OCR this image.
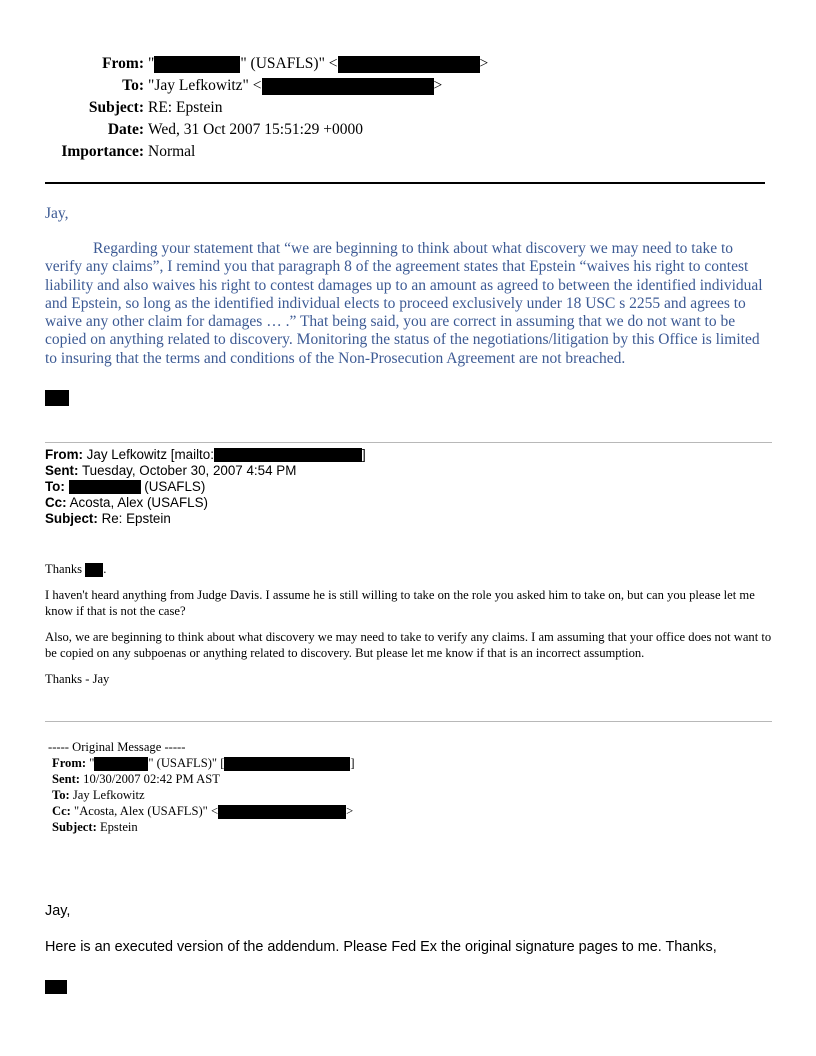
From: "	" (USAFLS)" <	>
To: "Jay Lefkowitz" <	>
Subject: RE: Epstein
Date: Wed, 31 Oct 2007 15:51:29 +0000
Importance: Normal
Jay,

Regarding your statement that “we are beginning to think about what discovery we may need to take to verify any claims”, I remind you that paragraph 8 of the agreement states that Epstein “waives his right to contest liability and also waives his right to contest damages up to an amount as agreed to between the identified individual and Epstein, so long as the identified individual elects to proceed exclusively under 18 USC s 2255 and agrees to waive any other claim for damages … .” That being said, you are correct in assuming that we do not want to be copied on anything related to discovery. Monitoring the status of the negotiations/litigation by this Office is limited to insuring that the terms and conditions of the Non-Prosecution Agreement are not breached.

From: Jay Lefkowitz [mailto:	]
Sent: Tuesday, October 30, 2007 4:54 PM
To:	(USAFLS)
Cc: Acosta, Alex (USAFLS)
Subject: Re: Epstein

Thanks .

I haven't heard anything from Judge Davis. I assume he is still willing to take on the role you asked him to take on, but can you please let me know if that is not the case?

Also, we are beginning to think about what discovery we may need to take to verify any claims. I am assuming that your office does not want to be copied on any subpoenas or anything related to discovery. But please let me know if that is an incorrect assumption.

Thanks - Jay

----- Original Message -----
From: "	" (USAFLS)" [	]
Sent: 10/30/2007 02:42 PM AST
To: Jay Lefkowitz
Cc: "Acosta, Alex (USAFLS)" <	>
Subject: Epstein
Jay,
Here is an executed version of the addendum. Please Fed Ex the original signature pages to me. Thanks,
